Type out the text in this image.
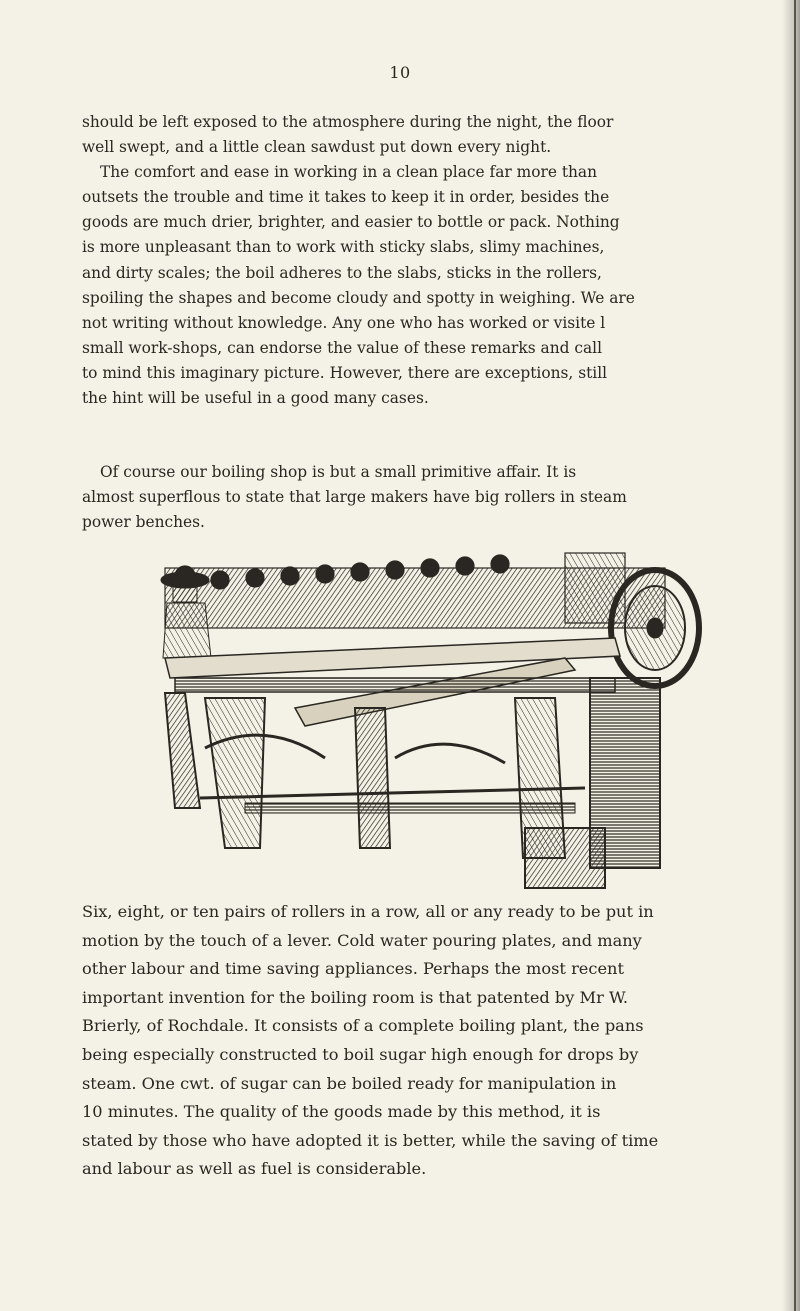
10

should be left exposed to the atmosphere during the night, the floor
well swept, and a little clean sawdust put down every night.
The comfort and ease in working in a clean place far more than
outsets the trouble and time it takes to keep it in order, besides the
goods are much drier, brighter, and easier to bottle or pack. Nothing
is more unpleasant than to work with sticky slabs, slimy machines,
and dirty scales; the boil adheres to the slabs, sticks in the rollers,
spoiling the shapes and become cloudy and spotty in weighing. We are
not writing without knowledge. Any one who has worked or visite l
small work-shops, can endorse the value of these remarks and call
to mind this imaginary picture. However, there are exceptions, still
the hint will be useful in a good many cases.

Of course our boiling shop is but a small primitive affair. It is
almost superflous to state that large makers have big rollers in steam
power benches.

Six, eight, or ten pairs of rollers in a row, all or any ready to be put in
motion by the touch of a lever. Cold water pouring plates, and many
other labour and time saving appliances. Perhaps the most recent
important invention for the boiling room is that patented by Mr W.
Brierly, of Rochdale. It consists of a complete boiling plant, the pans
being especially constructed to boil sugar high enough for drops by
steam. One cwt. of sugar can be boiled ready for manipulation in
10 minutes. The quality of the goods made by this method, it is
stated by those who have adopted it is better, while the saving of time
and labour as well as fuel is considerable.
